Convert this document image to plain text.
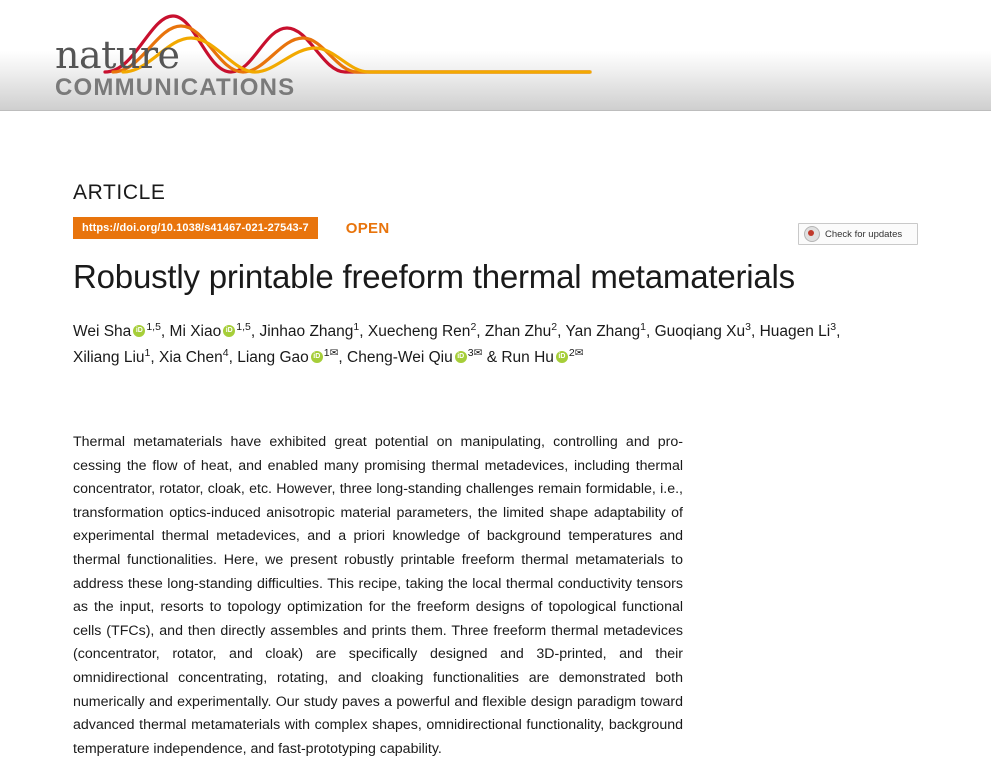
nature
COMMUNICATIONS
Check for updates
ARTICLE
https://doi.org/10.1038/s41467-021-27543-7	OPEN
Robustly printable freeform thermal metamaterials
Wei Sha iD $^{1,5}$, Mi Xiao iD $^{1,5}$, Jinhao Zhang$^1$, Xuecheng Ren$^2$, Zhan Zhu$^2$, Yan Zhang$^1$, Guoqiang Xu$^3$, Huagen Li$^3$,
Xiliang Liu$^1$, Xia Chen$^4$, Liang Gao iD $^{1✉}$, Cheng-Wei Qiu iD $^{3✉}$ & Run Hu iD $^{2✉}$

Thermal metamaterials have exhibited great potential on manipulating, controlling and pro-cessing the flow of heat, and enabled many promising thermal metadevices, including thermal concentrator, rotator, cloak, etc. However, three long-standing challenges remain formidable, i.e., transformation optics-induced anisotropic material parameters, the limited shape adaptability of experimental thermal metadevices, and a priori knowledge of background temperatures and thermal functionalities. Here, we present robustly printable freeform thermal metamaterials to address these long-standing difficulties. This recipe, taking the local thermal conductivity tensors as the input, resorts to topology optimization for the freeform designs of topological functional cells (TFCs), and then directly assembles and prints them. Three freeform thermal metadevices (concentrator, rotator, and cloak) are specifically designed and 3D-printed, and their omnidirectional concentrating, rotating, and cloaking functionalities are demonstrated both numerically and experimentally. Our study paves a powerful and flexible design paradigm toward advanced thermal metamaterials with complex shapes, omnidirectional functionality, background temperature independence, and fast-prototyping capability.
